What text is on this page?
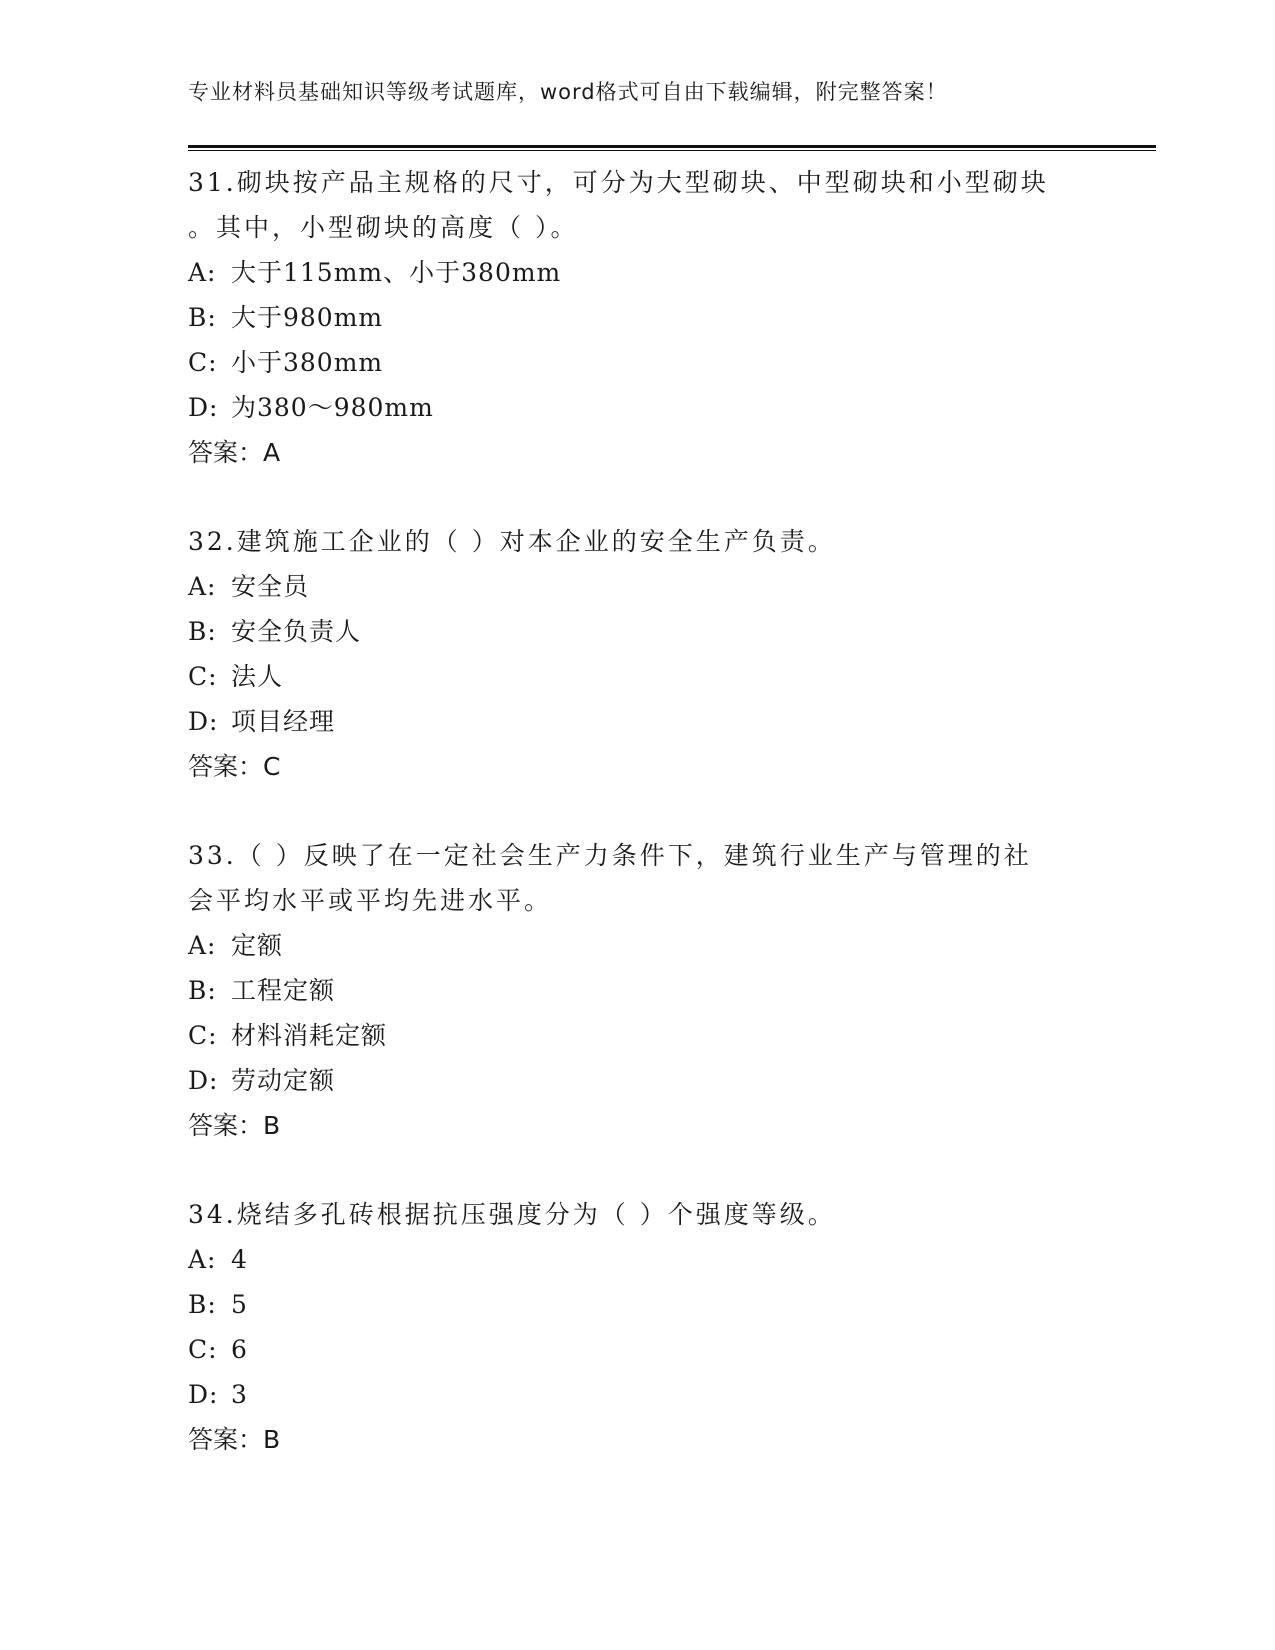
专业材料员基础知识等级考试题库，word格式可自由下载编辑，附完整答案！

31.砌块按产品主规格的尺寸，可分为大型砌块、中型砌块和小型砌块

。其中，小型砌块的高度（ ）。

A: 大于115mm、小于380mm

B: 大于980mm

C: 小于380mm

D: 为380～980mm

答案：A

32.建筑施工企业的（ ）对本企业的安全生产负责。

A: 安全员

B: 安全负责人

C: 法人

D: 项目经理

答案：C

33.（ ）反映了在一定社会生产力条件下，建筑行业生产与管理的社

会平均水平或平均先进水平。

A: 定额

B: 工程定额

C: 材料消耗定额

D: 劳动定额

答案：B

34.烧结多孔砖根据抗压强度分为（ ）个强度等级。

A: 4

B: 5

C: 6

D: 3

答案：B
